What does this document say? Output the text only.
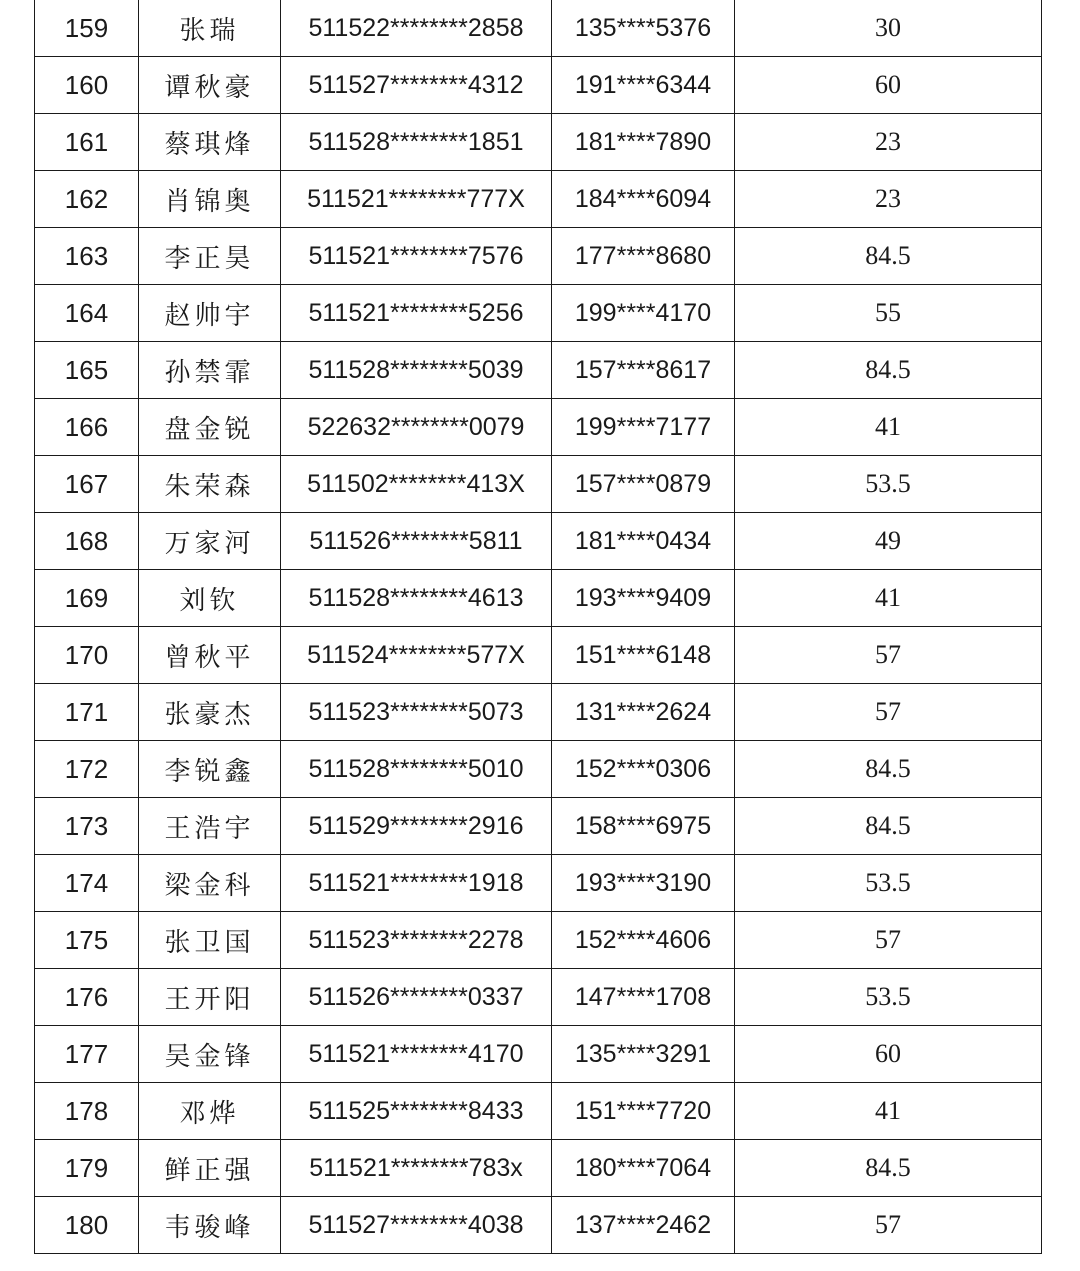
159	张瑞	511522********2858	135****5376	30
160	谭秋豪	511527********4312	191****6344	60
161	蔡琪烽	511528********1851	181****7890	23
162	肖锦奥	511521********777X	184****6094	23
163	李正昊	511521********7576	177****8680	84.5
164	赵帅宇	511521********5256	199****4170	55
165	孙禁霏	511528********5039	157****8617	84.5
166	盘金锐	522632********0079	199****7177	41
167	朱荣森	511502********413X	157****0879	53.5
168	万家河	511526********5811	181****0434	49
169	刘钦	511528********4613	193****9409	41
170	曾秋平	511524********577X	151****6148	57
171	张豪杰	511523********5073	131****2624	57
172	李锐鑫	511528********5010	152****0306	84.5
173	王浩宇	511529********2916	158****6975	84.5
174	梁金科	511521********1918	193****3190	53.5
175	张卫国	511523********2278	152****4606	57
176	王开阳	511526********0337	147****1708	53.5
177	吴金锋	511521********4170	135****3291	60
178	邓烨	511525********8433	151****7720	41
179	鲜正强	511521********783x	180****7064	84.5
180	韦骏峰	511527********4038	137****2462	57
